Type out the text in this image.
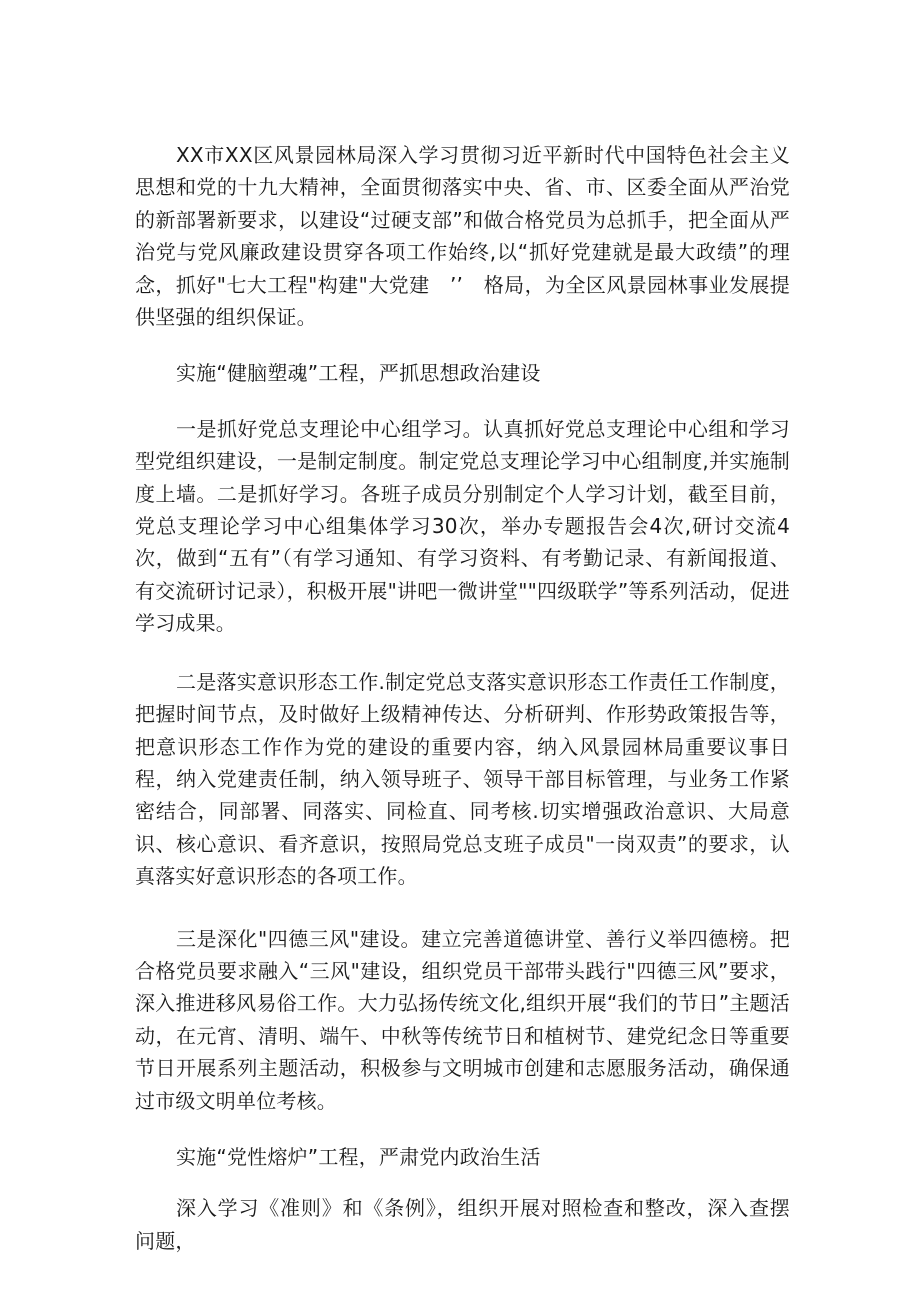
XX市XX区风景园林局深入学习贯彻习近平新时代中国特色社会主义思想和党的十九大精神，全面贯彻落实中央、省、市、区委全面从严治党的新部署新要求，以建设“过硬支部”和做合格党员为总抓手，把全面从严治党与党风廉政建设贯穿各项工作始终,以“抓好党建就是最大政绩”的理念，抓好"七大工程"构建"大党建　’’　格局，为全区风景园林事业发展提供坚强的组织保证。

实施“健脑塑魂”工程，严抓思想政治建设

一是抓好党总支理论中心组学习。认真抓好党总支理论中心组和学习型党组织建设，一是制定制度。制定党总支理论学习中心组制度,并实施制度上墙。二是抓好学习。各班子成员分别制定个人学习计划，截至目前，党总支理论学习中心组集体学习30次，举办专题报告会4次,研讨交流4次，做到“五有”（有学习通知、有学习资料、有考勤记录、有新闻报道、有交流研讨记录），积极开展"讲吧一微讲堂""四级联学”等系列活动，促进学习成果。

二是落实意识形态工作.制定党总支落实意识形态工作责任工作制度，把握时间节点，及时做好上级精神传达、分析研判、作形势政策报告等，把意识形态工作作为党的建设的重要内容，纳入风景园林局重要议事日程，纳入党建责任制，纳入领导班子、领导干部目标管理，与业务工作紧密结合，同部署、同落实、同检直、同考核.切实增强政治意识、大局意识、核心意识、看齐意识，按照局党总支班子成员"一岗双责”的要求，认真落实好意识形态的各项工作。

三是深化"四德三风"建设。建立完善道德讲堂、善行义举四德榜。把合格党员要求融入“三风"建设，组织党员干部带头践行"四德三风”要求，深入推进移风易俗工作。大力弘扬传统文化,组织开展“我们的节日”主题活动，在元宵、清明、端午、中秋等传统节日和植树节、建党纪念日等重要节日开展系列主题活动，积极参与文明城市创建和志愿服务活动，确保通过市级文明单位考核。

实施“党性熔炉”工程，严肃党内政治生活

深入学习《准则》和《条例》，组织开展对照检查和整改，深入查摆问题，
